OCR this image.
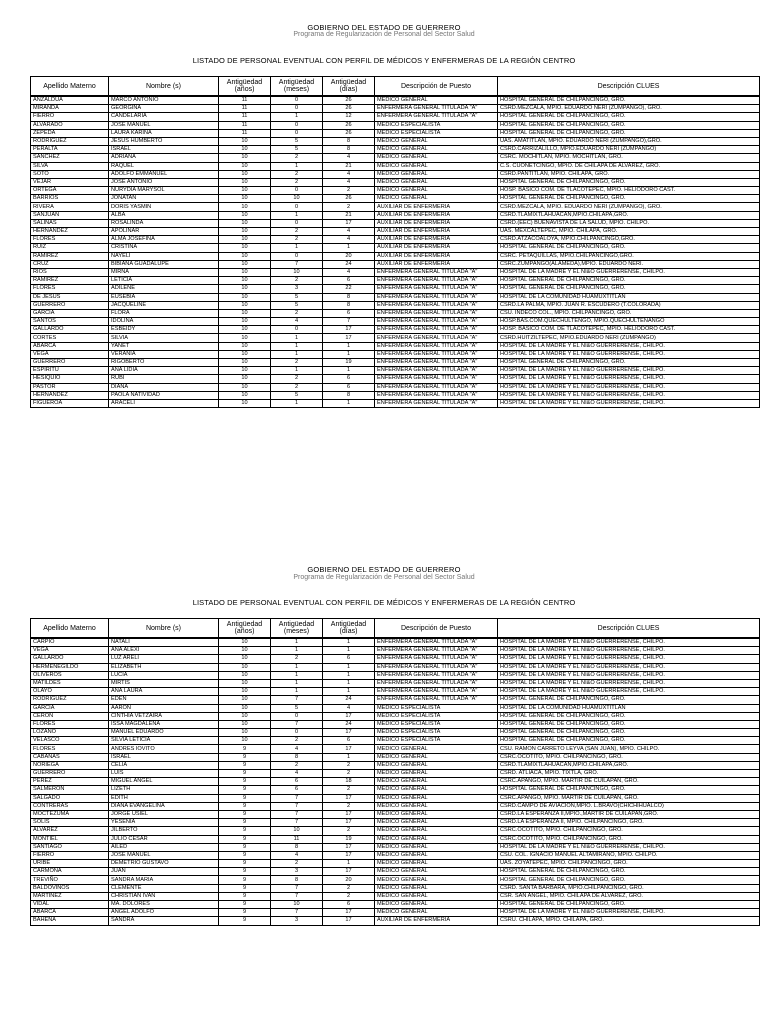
GOBIERNO DEL ESTADO DE GUERRERO
Programa de Regularización de Personal del Sector Salud
LISTADO DE PERSONAL EVENTUAL CON PERFIL DE MÉDICOS Y ENFERMERAS DE LA REGIÓN CENTRO
Apellido Materno	Nombre (s)	Antigüedad (años)	Antigüedad (meses)	Antigüedad (días)	Descripción de Puesto	Descripción CLUES
ANZALDUA	MARCO ANTONIO	11	0	26	MEDICO GENERAL	HOSPITAL GENERAL DE CHILPANCINGO, GRO.
MIRANDA	GEORGINA	11	0	26	ENFERMERA GENERAL TITULADA "A"	CSRD.MEZCALA, MPIO. EDUARDO NERI (ZUMPANGO), GRO.
FIERRO	CANDELARIA	11	1	12	ENFERMERA GENERAL TITULADA "A"	HOSPITAL GENERAL DE CHILPANCINGO, GRO.
ALVARADO	JOSE MANUEL	11	0	26	MEDICO ESPECIALISTA	HOSPITAL GENERAL DE CHILPANCINGO, GRO.
ZEPEDA	LAURA KARINA	11	0	26	MEDICO ESPECIALISTA	HOSPITAL GENERAL DE CHILPANCINGO, GRO.
RODRIGUEZ	JESUS HUMBERTO	10	5	8	MEDICO GENERAL	UAS. AMATITLAN, MPIO. EDUARDO NERI (ZUMPANGO),GRO.
PERALTA	ISRAEL	10	5	8	MEDICO GENERAL	CSRD.CARRIZALILLO, MPIO.EDUARDO NERI (ZUMPANGO)
SANCHEZ	ADRIANA	10	2	4	MEDICO GENERAL	CSRC. MOCHITLAN, MPIO. MOCHITLAN, GRO.
SILVA	RAQUEL	10	1	21	MEDICO GENERAL	C.S. CUONETCINGO, MPIO. DE CHILAPA DE ALVAREZ, GRO.
SOTO	ADOLFO EMMANUEL	10	2	4	MEDICO GENERAL	CSRD.PANTITLAN, MPIO. CHILAPA, GRO.
VEJAR	JOSE ANTONIO	10	2	4	MEDICO GENERAL	HOSPITAL GENERAL DE CHILPANCINGO, GRO.
ORTEGA	NURYDIA MARYSOL	10	0	2	MEDICO GENERAL	HOSP. BASICO COM. DE TLACOTEPEC, MPIO. HELIODORO CAST.
BARRIOS	JONATAN	10	10	26	MEDICO GENERAL	HOSPITAL GENERAL DE CHILPANCINGO, GRO.
RIVERA	DORIS YASMIN	10	0	2	AUXILIAR DE ENFERMERIA	CSRD.MEZCALA, MPIO. EDUARDO NERI (ZUMPANGO), GRO.
SANJUAN	ALBA	10	1	21	AUXILIAR DE ENFERMERIA	CSRD.TLAMIXTLAHUACAN,MPIO.CHILAPA,GRO.
SALINAS	ROSALINDA	10	0	17	AUXILIAR DE ENFERMERIA	CSRD.(EEC) BUENAVISTA DE LA SALUD, MPIO. CHILPO.
HERNANDEZ	APOLINAR	10	2	4	AUXILIAR DE ENFERMERIA	UAS. MEXCALTEPEC, MPIO. CHILAPA, GRO.
FLORES	ALMA JOSEFINA	10	2	4	AUXILIAR DE ENFERMERIA	CSRD.ATZACOALOYA, MPIO.CHILPANCINGO,GRO.
RUIZ	CRISTINA	10	1	1	AUXILIAR DE ENFERMERIA	HOSPITAL GENERAL DE CHILPANCINGO, GRO.
RAMIREZ	NAYELI	10	0	20	AUXILIAR DE ENFERMERIA	CSRC. PETAQUILLAS, MPIO.CHILPANCINGO,GRO.
CRUZ	BIBIANA GUADALUPE	10	7	24	AUXILIAR DE ENFERMERIA	CSRC.ZUMPANGO(ALAMEDA),MPIO. EDUARDO NERI.
RIOS	MIRNA	10	10	4	ENFERMERA GENERAL TITULADA "A"	HOSPITAL DE LA MADRE Y EL NI&O GUERRERENSE, CHILPO.
RAMIREZ	LETICIA	10	2	6	ENFERMERA GENERAL TITULADA "A"	HOSPITAL GENERAL DE CHILPANCINGO, GRO.
FLORES	ADILENE	10	3	22	ENFERMERA GENERAL TITULADA "A"	HOSPITAL GENERAL DE CHILPANCINGO, GRO.
DE JESUS	EUSEBIA	10	5	8	ENFERMERA GENERAL TITULADA "A"	HOSPITAL DE LA COMUNIDAD HUAMUXTITLAN
GUERRERO	JACQUELINE	10	5	8	ENFERMERA GENERAL TITULADA "A"	CSRD.LA PALMA, MPIO. JUAN R. ESCUDERO (T.COLORADA)
GARCIA	FLORA	10	2	6	ENFERMERA GENERAL TITULADA "A"	CSU. INDECO COL., MPIO. CHILPANCINGO, GRO.
SANTOS	IDOLINA	10	4	7	ENFERMERA GENERAL TITULADA "A"	HOSP.BAS.COM.QUECHULTENGO, MPIO.QUECHULTENANGO
GALLARDO	ESBEIDY	10	0	17	ENFERMERA GENERAL TITULADA "A"	HOSP. BASICO COM. DE TLACOTEPEC, MPIO. HELIODORO CAST.
CORTES	SILVIA	10	1	17	ENFERMERA GENERAL TITULADA "A"	CSRD.HUITZILTEPEC, MPIO.EDUARDO NERI (ZUMPANGO)
ABARCA	YANET	10	1	1	ENFERMERA GENERAL TITULADA "A"	HOSPITAL DE LA MADRE Y EL NI&O GUERRERENSE, CHILPO.
VEGA	VERANIA	10	1	1	ENFERMERA GENERAL TITULADA "A"	HOSPITAL DE LA MADRE Y EL NI&O GUERRERENSE, CHILPO.
GUERRERO	RIGOBERTO	10	2	19	ENFERMERA GENERAL TITULADA "A"	HOSPITAL GENERAL DE CHILPANCINGO, GRO.
ESPIRITU	ANA LIDIA	10	1	1	ENFERMERA GENERAL TITULADA "A"	HOSPITAL DE LA MADRE Y EL NI&O GUERRERENSE, CHILPO.
HESIQUIO	RUBI	10	2	6	ENFERMERA GENERAL TITULADA "A"	HOSPITAL DE LA MADRE Y EL NI&O GUERRERENSE, CHILPO.
PASTOR	DIANA	10	2	6	ENFERMERA GENERAL TITULADA "A"	HOSPITAL DE LA MADRE Y EL NI&O GUERRERENSE, CHILPO.
HERNANDEZ	PAOLA NATIVIDAD	10	5	8	ENFERMERA GENERAL TITULADA "A"	HOSPITAL DE LA MADRE Y EL NI&O GUERRERENSE, CHILPO.
FIGUEROA	ARACELI	10	1	1	ENFERMERA GENERAL TITULADA "A"	HOSPITAL DE LA MADRE Y EL NI&O GUERRERENSE, CHILPO.
GOBIERNO DEL ESTADO DE GUERRERO
Programa de Regularización de Personal del Sector Salud
LISTADO DE PERSONAL EVENTUAL CON PERFIL DE MÉDICOS Y ENFERMERAS DE LA REGIÓN CENTRO
Apellido Materno	Nombre (s)	Antigüedad (años)	Antigüedad (meses)	Antigüedad (días)	Descripción de Puesto	Descripción CLUES
CARPIO	NATALI	10	1	1	ENFERMERA GENERAL TITULADA "A"	HOSPITAL DE LA MADRE Y EL NI&O GUERRERENSE, CHILPO.
VEGA	ANA ALEXI	10	1	1	ENFERMERA GENERAL TITULADA "A"	HOSPITAL DE LA MADRE Y EL NI&O GUERRERENSE, CHILPO.
GALLARDO	LUZ ARELI	10	2	6	ENFERMERA GENERAL TITULADA "A"	HOSPITAL DE LA MADRE Y EL NI&O GUERRERENSE, CHILPO.
HERMENEGILDO	ELIZABETH	10	1	1	ENFERMERA GENERAL TITULADA "A"	HOSPITAL DE LA MADRE Y EL NI&O GUERRERENSE, CHILPO.
OLIVEROS	LUCIA	10	1	1	ENFERMERA GENERAL TITULADA "A"	HOSPITAL DE LA MADRE Y EL NI&O GUERRERENSE, CHILPO.
MATILDES	MIRTIS	10	1	1	ENFERMERA GENERAL TITULADA "A"	HOSPITAL DE LA MADRE Y EL NI&O GUERRERENSE, CHILPO.
OLAYO	ANA LAURA	10	1	1	ENFERMERA GENERAL TITULADA "A"	HOSPITAL DE LA MADRE Y EL NI&O GUERRERENSE, CHILPO.
RODRIGUEZ	EDEN	10	7	24	ENFERMERA GENERAL TITULADA "A"	HOSPITAL GENERAL DE CHILPANCINGO, GRO.
GARCIA	AARON	10	5	4	MEDICO ESPECIALISTA	HOSPITAL DE LA COMUNIDAD HUAMUXTITLAN
CERON	CINTHIA VETZAIRA	10	0	17	MEDICO ESPECIALISTA	HOSPITAL GENERAL DE CHILPANCINGO, GRO.
FLORES	ISSA MAGDALENA	10	7	24	MEDICO ESPECIALISTA	HOSPITAL GENERAL DE CHILPANCINGO, GRO.
LOZANO	MANUEL EDUARDO	10	0	17	MEDICO ESPECIALISTA	HOSPITAL GENERAL DE CHILPANCINGO, GRO.
VELASCO	SILVIA LETICIA	10	2	6	MEDICO ESPECIALISTA	HOSPITAL GENERAL DE CHILPANCINGO, GRO.
FLORES	ANDRES IOVITO	9	4	17	MEDICO GENERAL	CSU. RAMON CARRETO LEYVA (SAN JUAN), MPIO. CHILPO.
CABANAS	ISRAEL	9	8	1	MEDICO GENERAL	CSRC.OCOTITO, MPIO. CHILPANCINGO, GRO.
NORIEGA	CELIA	9	2	2	MEDICO GENERAL	CSRD.TLAMIXTLAHUACAN,MPIO.CHILAPA,GRO.
GUERRERO	LUIS	9	4	2	MEDICO GENERAL	CSRD. ATLIACA, MPIO. TIXTLA, GRO.
PEREZ	MIGUEL ANGEL	9	6	18	MEDICO GENERAL	CSRC.APANGO, MPIO. MARTIR DE CUILAPAN, GRO.
SALMERON	LIZETH	9	6	2	MEDICO GENERAL	HOSPITAL GENERAL DE CHILPANCINGO, GRO.
SALGADO	EDITH	9	7	17	MEDICO GENERAL	CSRC.APANGO, MPIO. MARTIR DE CUILAPAN, GRO.
CONTRERAS	DIANA EVANGELINA	9	7	2	MEDICO GENERAL	CSRD.CAMPO DE AVIACION,MPIO. L.BRAVO(CHICHIHUALCO)
MOCTEZUMA	JORGE USIEL	9	7	17	MEDICO GENERAL	CSRD.LA ESPERANZA II,MPIO.,MARTIR DE CUILAPAN,GRO.
SOLIS	YESENIA	9	7	17	MEDICO GENERAL	CSRD.LA ESPERANZA II, MPIO. CHILPANCINGO, GRO.
ALVAREZ	JILBERTO	9	10	2	MEDICO GENERAL	CSRC.OCOTITO, MPIO. CHILPANCINGO, GRO.
MONTIEL	JULIO CESAR	9	11	19	MEDICO GENERAL	CSRC.OCOTITO, MPIO. CHILPANCINGO, GRO.
SANTIAGO	AILED	9	8	17	MEDICO GENERAL	HOSPITAL DE LA MADRE Y EL NI&O GUERRERENSE, CHILPO.
FIERRO	JOSE MANUEL	9	4	17	MEDICO GENERAL	CSU. COL. IGNACIO MANUEL ALTAMIRANO, MPIO. CHILPO.
URIBE	DEMETRIO GUSTAVO	9	2	1	MEDICO GENERAL	UAS. ZOYATEPEC, MPIO. CHILPANCINGO, GRO.
CARMONA	JUAN	9	3	17	MEDICO GENERAL	HOSPITAL GENERAL DE CHILPANCINGO, GRO.
TREVIÑO	SANDRA MARIA	9	8	20	MEDICO GENERAL	HOSPITAL GENERAL DE CHILPANCINGO, GRO.
BALDOVINOS	CLEMENTE	9	7	2	MEDICO GENERAL	CSRD. SANTA BARBARA, MPIO.CHILPANCINGO, GRO.
MARTINEZ	CHRISTIAN IVAN	9	7	2	MEDICO GENERAL	CSR. SAN ANGEL, MPIO. CHILAPA DE ALVAREZ, GRO.
VIDAL	MA. DOLORES	9	10	6	MEDICO GENERAL	HOSPITAL GENERAL DE CHILPANCINGO, GRO.
ABARCA	ANGEL ADOLFO	9	7	17	MEDICO GENERAL	HOSPITAL DE LA MADRE Y EL NI&O GUERRERENSE, CHILPO.
BAHENA	SANDRA	9	3	17	AUXILIAR DE ENFERMERIA	CSRU. CHILAPA, MPIO. CHILAPA, GRO.
